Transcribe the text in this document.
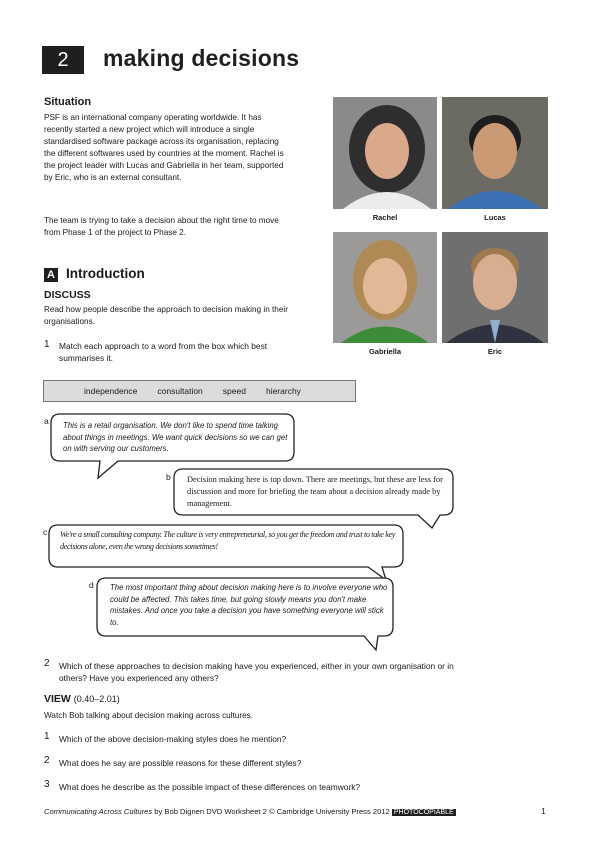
2	making decisions
Situation
PSF is an international company operating worldwide. It has recently started a new project which will introduce a single standardised software package across its organisation, replacing the different softwares used by countries at the moment. Rachel is the project leader with Lucas and Gabriella in her team, supported by Eric, who is an external consultant.
The team is trying to take a decision about the right time to move from Phase 1 of the project to Phase 2.
Rachel	Lucas
Gabriella	Eric
A Introduction
DISCUSS
Read how people describe the approach to decision making in their organisations.
1 Match each approach to a word from the box which best summarises it.
independence consultation speed hierarchy
a
b
c
d
This is a retail organisation. We don't like to spend time talking about things in meetings. We want quick decisions so we can get on with serving our customers.
Decision making here is top down. There are meetings, but these are less for discussion and more for briefing the team about a decision already made by management.
We're a small consulting company. The culture is very entrepreneurial, so you get the freedom and trust to take key decisions alone, even the wrong decisions sometimes!
The most important thing about decision making here is to involve everyone who could be affected. This takes time, but going slowly means you don't make mistakes. And once you take a decision you have something everyone will stick to.
2 Which of these approaches to decision making have you experienced, either in your own organisation or in others? Have you experienced any others?
VIEW (0.40–2.01)
Watch Bob talking about decision making across cultures.
1 Which of the above decision-making styles does he mention?
2 What does he say are possible reasons for these different styles?
3 What does he describe as the possible impact of these differences on teamwork?
Communicating Across Cultures by Bob Dignen DVD Worksheet 2 © Cambridge University Press 2012 PHOTOCOPIABLE	1
